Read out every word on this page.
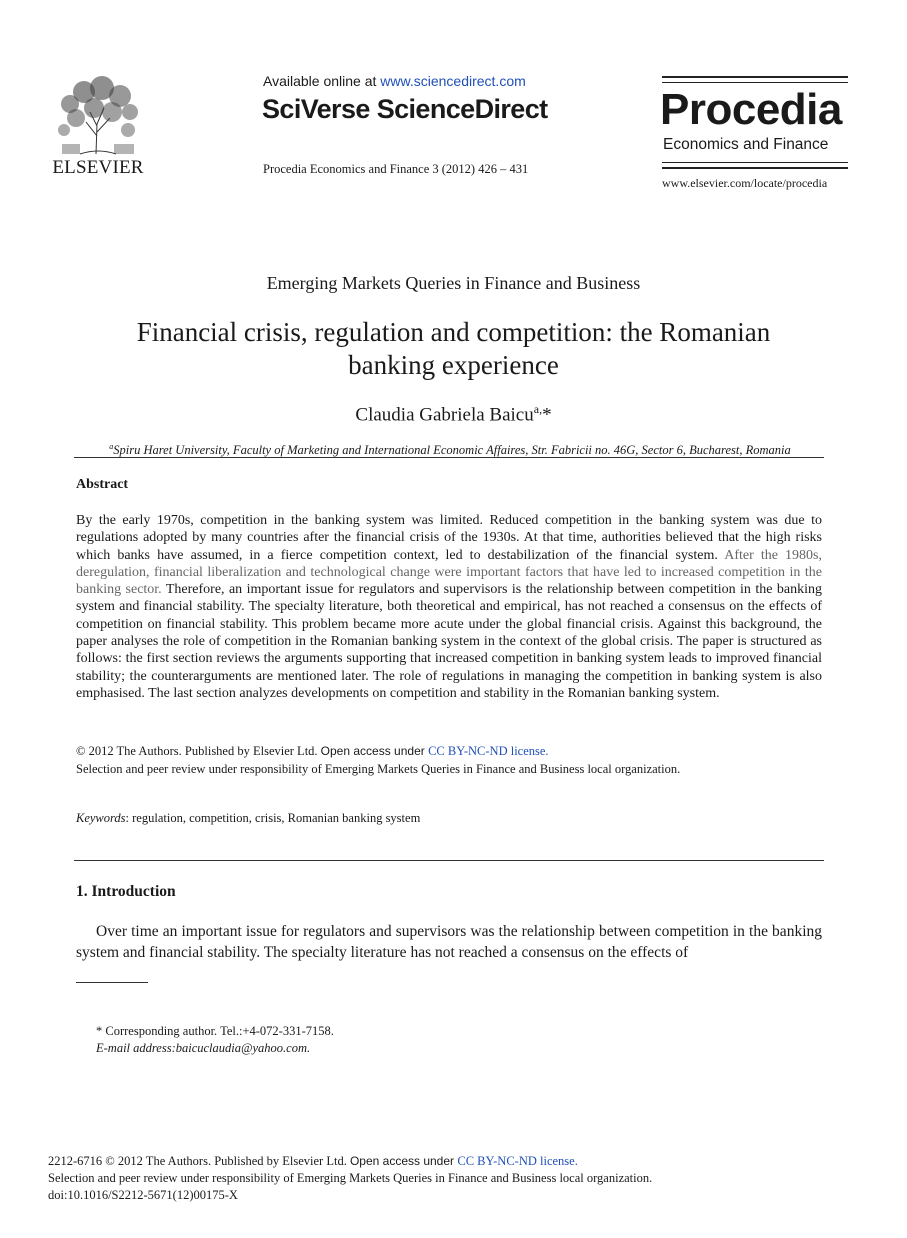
ELSEVIER
Available online at www.sciencedirect.com
SciVerse ScienceDirect
Procedia Economics and Finance 3 (2012) 426 – 431
Procedia
Economics and Finance
www.elsevier.com/locate/procedia
Emerging Markets Queries in Finance and Business
Financial crisis, regulation and competition: the Romanian
banking experience
Claudia Gabriela Baicu$^{a,}$*
$^a$Spiru Haret University, Faculty of Marketing and International Economic Affaires, Str. Fabricii no. 46G, Sector 6, Bucharest, Romania
Abstract
By the early 1970s, competition in the banking system was limited. Reduced competition in the banking system was due to regulations adopted by many countries after the financial crisis of the 1930s. At that time, authorities believed that the high risks which banks have assumed, in a fierce competition context, led to destabilization of the financial system. After the 1980s, deregulation, financial liberalization and technological change were important factors that have led to increased competition in the banking sector. Therefore, an important issue for regulators and supervisors is the relationship between competition in the banking system and financial stability. The specialty literature, both theoretical and empirical, has not reached a consensus on the effects of competition on financial stability. This problem became more acute under the global financial crisis. Against this background, the paper analyses the role of competition in the Romanian banking system in the context of the global crisis. The paper is structured as follows: the first section reviews the arguments supporting that increased competition in banking system leads to improved financial stability; the counterarguments are mentioned later. The role of regulations in managing the competition in banking system is also emphasised. The last section analyzes developments on competition and stability in the Romanian banking system.
© 2012 The Authors. Published by Elsevier Ltd. Open access under CC BY-NC-ND license.
Selection and peer review under responsibility of Emerging Markets Queries in Finance and Business local organization.
Keywords: regulation, competition, crisis, Romanian banking system
1. Introduction
Over time an important issue for regulators and supervisors was the relationship between competition in the banking system and financial stability. The specialty literature has not reached a consensus on the effects of
* Corresponding author. Tel.:+4-072-331-7158.
E-mail address:baicuclaudia@yahoo.com.
2212-6716 © 2012 The Authors. Published by Elsevier Ltd. Open access under CC BY-NC-ND license.
Selection and peer review under responsibility of Emerging Markets Queries in Finance and Business local organization.
doi:10.1016/S2212-5671(12)00175-X
